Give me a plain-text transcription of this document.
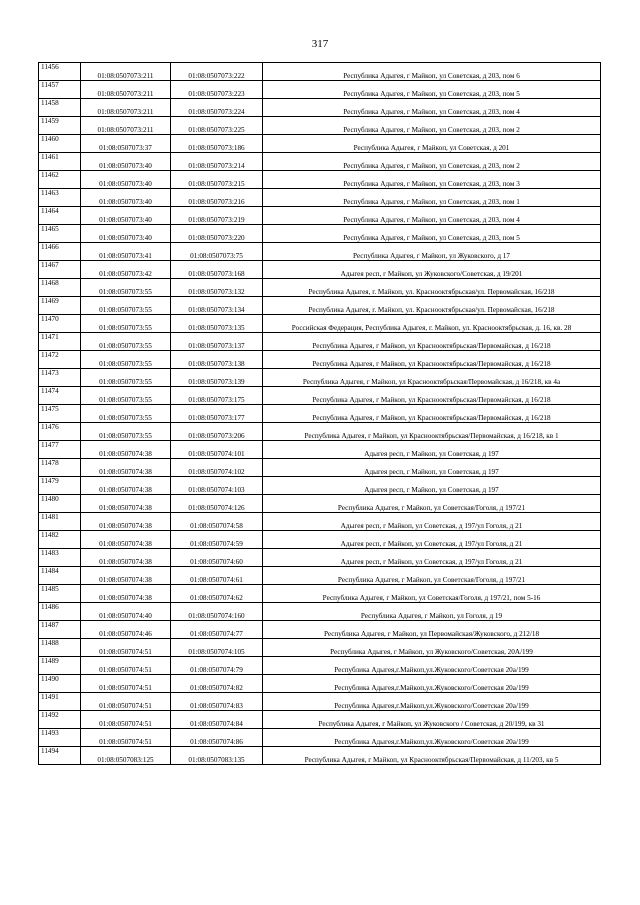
317
11456	01:08:0507073:211	01:08:0507073:222	Республика Адыгея, г Майкоп, ул Советская, д 203, пом 6
11457	01:08:0507073:211	01:08:0507073:223	Республика Адыгея, г Майкоп, ул Советская, д 203, пом 5
11458	01:08:0507073:211	01:08:0507073:224	Республика Адыгея, г Майкоп, ул Советская, д 203, пом 4
11459	01:08:0507073:211	01:08:0507073:225	Республика Адыгея, г Майкоп, ул Советская, д 203, пом 2
11460	01:08:0507073:37	01:08:0507073:186	Республика Адыгея, г Майкоп, ул Советская, д 201
11461	01:08:0507073:40	01:08:0507073:214	Республика Адыгея, г Майкоп, ул Советская, д 203, пом 2
11462	01:08:0507073:40	01:08:0507073:215	Республика Адыгея, г Майкоп, ул Советская, д 203, пом 3
11463	01:08:0507073:40	01:08:0507073:216	Республика Адыгея, г Майкоп, ул Советская, д 203, пом 1
11464	01:08:0507073:40	01:08:0507073:219	Республика Адыгея, г Майкоп, ул Советская, д 203, пом 4
11465	01:08:0507073:40	01:08:0507073:220	Республика Адыгея, г Майкоп, ул Советская, д 203, пом 5
11466	01:08:0507073:41	01:08:0507073:75	Республика Адыгея, г Майкоп, ул Жуковского, д 17
11467	01:08:0507073:42	01:08:0507073:168	Адыгея респ, г Майкоп, ул Жуковского/Советская, д 19/201
11468	01:08:0507073:55	01:08:0507073:132	Республика Адыгея, г. Майкоп, ул. Краснооктябрьская/ул. Первомайская, 16/218
11469	01:08:0507073:55	01:08:0507073:134	Республика Адыгея, г. Майкоп, ул. Краснооктябрьская/ул. Первомайская, 16/218
11470	01:08:0507073:55	01:08:0507073:135	Российская Федерация, Республика Адыгея, г. Майкоп, ул. Краснооктябрьская, д. 16, кв. 28
11471	01:08:0507073:55	01:08:0507073:137	Республика Адыгея, г Майкоп, ул Краснооктябрьская/Первомайская, д 16/218
11472	01:08:0507073:55	01:08:0507073:138	Республика Адыгея, г Майкоп, ул Краснооктябрьская/Первомайская, д 16/218
11473	01:08:0507073:55	01:08:0507073:139	Республика Адыгея, г Майкоп, ул Краснооктябрьская/Первомайская, д 16/218, кв 4а
11474	01:08:0507073:55	01:08:0507073:175	Республика Адыгея, г Майкоп, ул Краснооктябрьская/Первомайская, д 16/218
11475	01:08:0507073:55	01:08:0507073:177	Республика Адыгея, г Майкоп, ул Краснооктябрьская/Первомайская, д 16/218
11476	01:08:0507073:55	01:08:0507073:206	Республика Адыгея, г Майкоп, ул Краснооктябрьская/Первомайская, д 16/218, кв 1
11477	01:08:0507074:38	01:08:0507074:101	Адыгея респ, г Майкоп, ул Советская, д 197
11478	01:08:0507074:38	01:08:0507074:102	Адыгея респ, г Майкоп, ул Советская, д 197
11479	01:08:0507074:38	01:08:0507074:103	Адыгея респ, г Майкоп, ул Советская, д 197
11480	01:08:0507074:38	01:08:0507074:126	Республика Адыгея, г Майкоп, ул Советская/Гоголя, д 197/21
11481	01:08:0507074:38	01:08:0507074:58	Адыгея респ, г Майкоп, ул Советская, д 197/ул Гоголя, д 21
11482	01:08:0507074:38	01:08:0507074:59	Адыгея респ, г Майкоп, ул Советская, д 197/ул Гоголя, д 21
11483	01:08:0507074:38	01:08:0507074:60	Адыгея респ, г Майкоп, ул Советская, д 197/ул Гоголя, д 21
11484	01:08:0507074:38	01:08:0507074:61	Республика Адыгея, г Майкоп, ул Советская/Гоголя, д 197/21
11485	01:08:0507074:38	01:08:0507074:62	Республика Адыгея, г Майкоп, ул Советская/Гоголя, д 197/21, пом 5-16
11486	01:08:0507074:40	01:08:0507074:160	Республика Адыгея, г Майкоп, ул Гоголя, д 19
11487	01:08:0507074:46	01:08:0507074:77	Республика Адыгея, г Майкоп, ул Первомайская/Жуковского, д 212/18
11488	01:08:0507074:51	01:08:0507074:105	Республика Адыгея, г Майкоп, ул Жуковского/Советская, 20А/199
11489	01:08:0507074:51	01:08:0507074:79	Республика Адыгея,г.Майкоп,ул.Жуковского/Советская 20а/199
11490	01:08:0507074:51	01:08:0507074:82	Республика Адыгея,г.Майкоп,ул.Жуковского/Советская 20а/199
11491	01:08:0507074:51	01:08:0507074:83	Республика Адыгея,г.Майкоп,ул.Жуковского/Советская 20а/199
11492	01:08:0507074:51	01:08:0507074:84	Республика Адыгея, г Майкоп, ул Жуковского / Советская, д 20/199, кв 31
11493	01:08:0507074:51	01:08:0507074:86	Республика Адыгея,г.Майкоп,ул.Жуковского/Советская 20а/199
11494	01:08:0507083:125	01:08:0507083:135	Республика Адыгея, г Майкоп, ул Краснооктябрьская/Первомайская, д 11/203, кв 5
